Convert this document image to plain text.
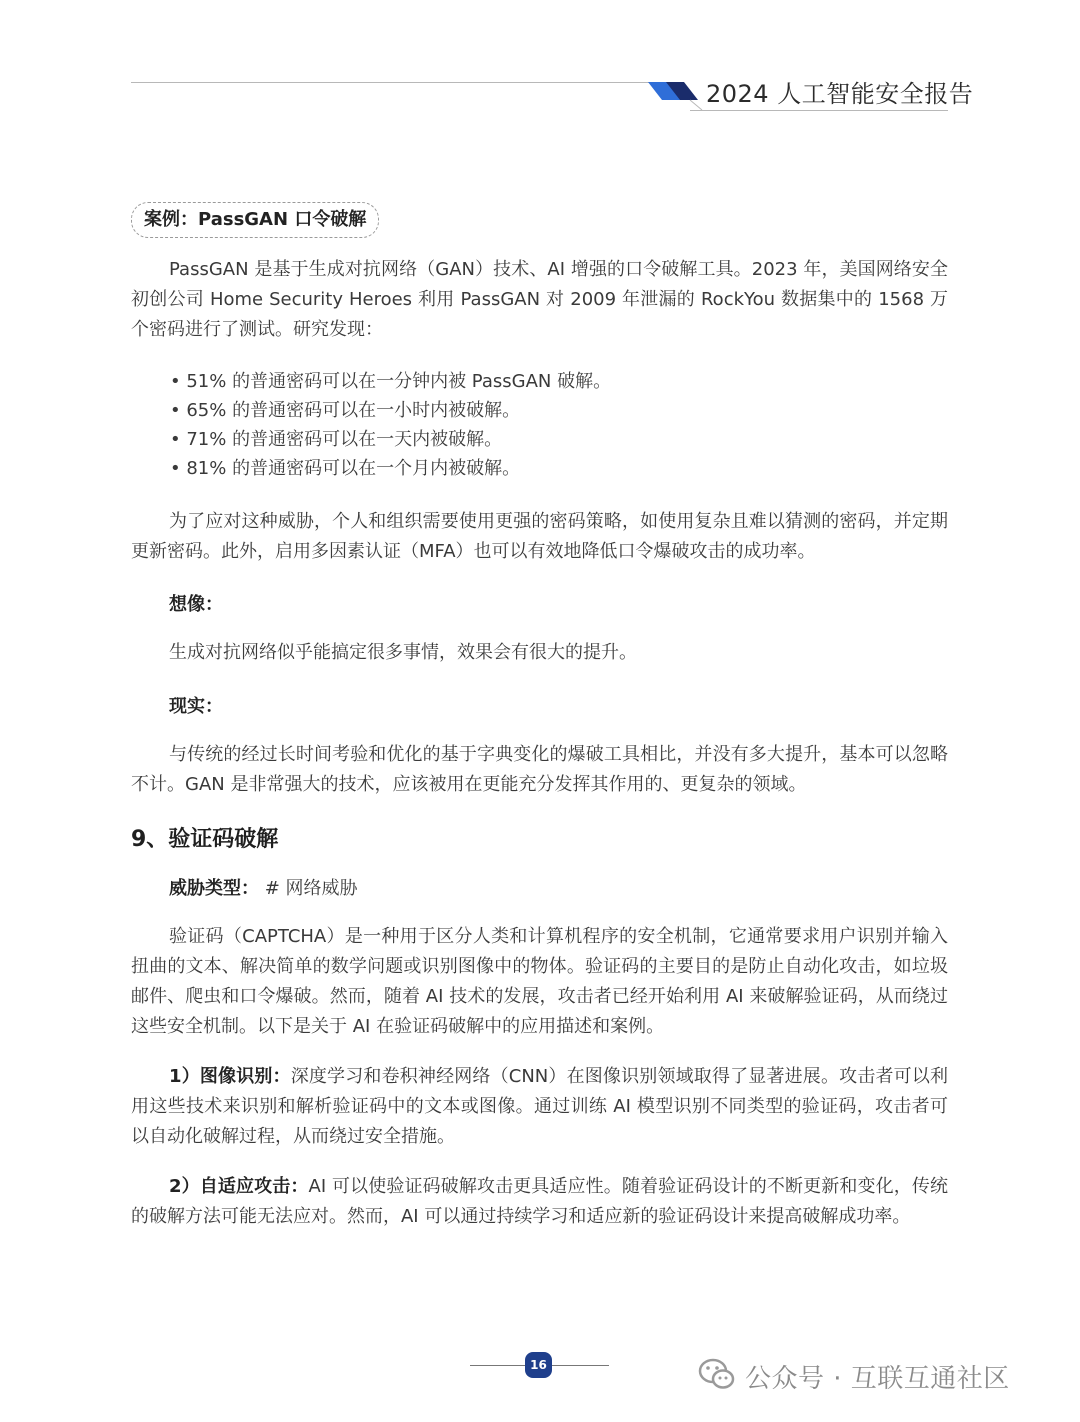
2024 人工智能安全报告
案例：PassGAN 口令破解

PassGAN 是基于生成对抗网络（GAN）技术、AI 增强的口令破解工具。2023 年，美国网络安全初创公司 Home Security Heroes 利用 PassGAN 对 2009 年泄漏的 RockYou 数据集中的 1568 万个密码进行了测试。研究发现：

• 51% 的普通密码可以在一分钟内被 PassGAN 破解。
• 65% 的普通密码可以在一小时内被破解。
• 71% 的普通密码可以在一天内被破解。
• 81% 的普通密码可以在一个月内被破解。

为了应对这种威胁，个人和组织需要使用更强的密码策略，如使用复杂且难以猜测的密码，并定期更新密码。此外，启用多因素认证（MFA）也可以有效地降低口令爆破攻击的成功率。

想像：

生成对抗网络似乎能搞定很多事情，效果会有很大的提升。

现实：

与传统的经过长时间考验和优化的基于字典变化的爆破工具相比，并没有多大提升，基本可以忽略不计。GAN 是非常强大的技术，应该被用在更能充分发挥其作用的、更复杂的领域。

9、验证码破解
威胁类型： # 网络威胁

验证码（CAPTCHA）是一种用于区分人类和计算机程序的安全机制，它通常要求用户识别并输入扭曲的文本、解决简单的数学问题或识别图像中的物体。验证码的主要目的是防止自动化攻击，如垃圾邮件、爬虫和口令爆破。然而，随着 AI 技术的发展，攻击者已经开始利用 AI 来破解验证码，从而绕过这些安全机制。以下是关于 AI 在验证码破解中的应用描述和案例。

1）图像识别：深度学习和卷积神经网络（CNN）在图像识别领域取得了显著进展。攻击者可以利用这些技术来识别和解析验证码中的文本或图像。通过训练 AI 模型识别不同类型的验证码，攻击者可以自动化破解过程，从而绕过安全措施。

2）自适应攻击：AI 可以使验证码破解攻击更具适应性。随着验证码设计的不断更新和变化，传统的破解方法可能无法应对。然而，AI 可以通过持续学习和适应新的验证码设计来提高破解成功率。

16	公众号 · 互联互通社区
